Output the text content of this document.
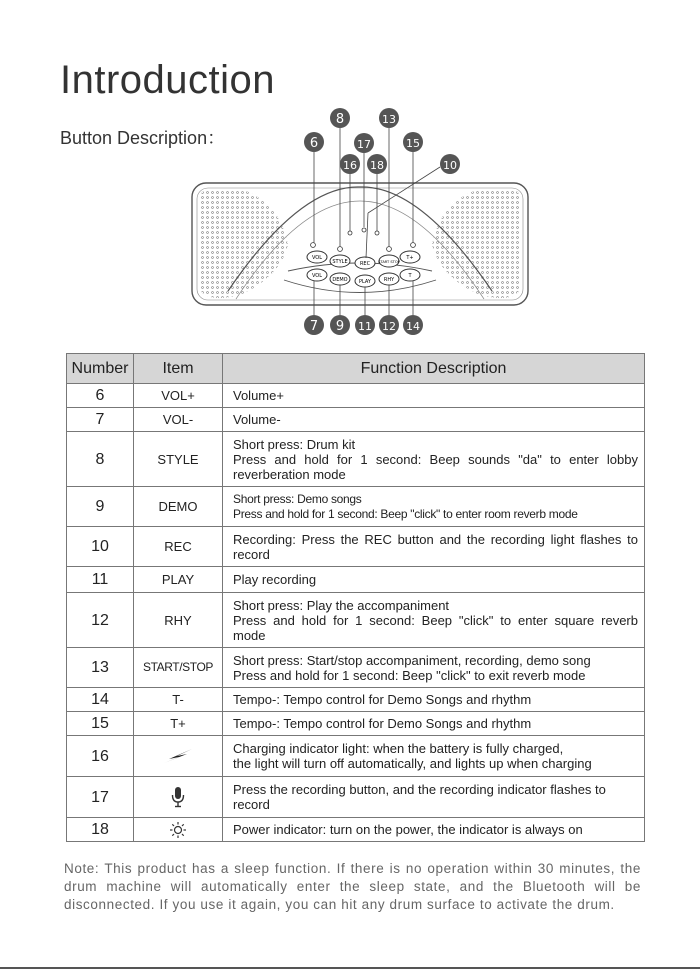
Introduction
Button Description：
VOL
STYLE REC START STOP
T+
VOL
DEMO PLAY	RHY
T
6
8
17
16 18
13
15
10
7 9 11 12 14
Number	Item	Function Description
6	VOL+	Volume+

7	VOL-	Volume-

8	STYLE	Short press: Drum kit
Press and hold for 1 second: Beep sounds "da" to enter lobby reverberation mode

9	DEMO	Short press: Demo songs
Press and hold for 1 second: Beep "click" to enter room reverb mode

10	REC	Recording: Press the REC button and the recording light flashes to record

11	PLAY	Play recording

12	RHY	Short press: Play the accompaniment
Press and hold for 1 second: Beep "click" to enter square reverb mode

13	START/STOP	Short press: Start/stop accompaniment, recording, demo song
Press and hold for 1 second: Beep "click" to exit reverb mode

14	T-	Tempo-: Tempo control for Demo Songs and rhythm

15	T+	Tempo-: Tempo control for Demo Songs and rhythm

16		Charging indicator light: when the battery is fully charged,
the light will turn off automatically, and lights up when charging

17		Press the recording button, and the recording indicator flashes to record

18		Power indicator: turn on the power, the indicator is always on
Note: This product has a sleep function. If there is no operation within 30 minutes, the drum machine will automatically enter the sleep state, and the Bluetooth will be disconnected. If you use it again, you can hit any drum surface to activate the drum.
